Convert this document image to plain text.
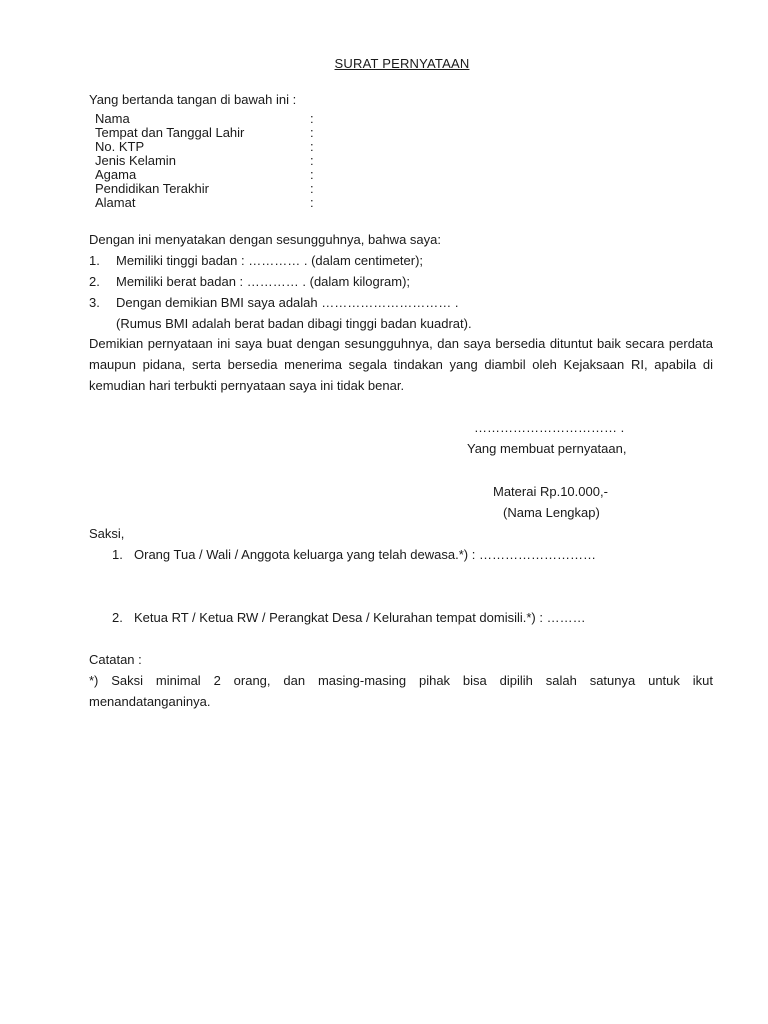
SURAT PERNYATAAN
Yang bertanda tangan di bawah ini :
Nama	:
Tempat dan Tanggal Lahir	:
No. KTP	:
Jenis Kelamin	:
Agama	:
Pendidikan Terakhir	:
Alamat	:
Dengan ini menyatakan dengan sesungguhnya, bahwa saya:
1. Memiliki tinggi badan : ………… . (dalam centimeter);
2. Memiliki berat badan : ………… . (dalam kilogram);
3. Dengan demikian BMI saya adalah ………………………… .
(Rumus BMI adalah berat badan dibagi tinggi badan kuadrat).
Demikian pernyataan ini saya buat dengan sesungguhnya, dan saya bersedia dituntut baik secara perdata maupun pidana, serta bersedia menerima segala tindakan yang diambil oleh Kejaksaan RI, apabila di kemudian hari terbukti pernyataan saya ini tidak benar.
…………………………… .
Yang membuat pernyataan,
Materai Rp.10.000,-
(Nama Lengkap)
Saksi,
1. Orang Tua / Wali / Anggota keluarga yang telah dewasa.*) : ………………………
2. Ketua RT / Ketua RW / Perangkat Desa / Kelurahan tempat domisili.*) : ………
Catatan :
*) Saksi minimal 2 orang, dan masing-masing pihak bisa dipilih salah satunya untuk ikut menandatanganinya.
